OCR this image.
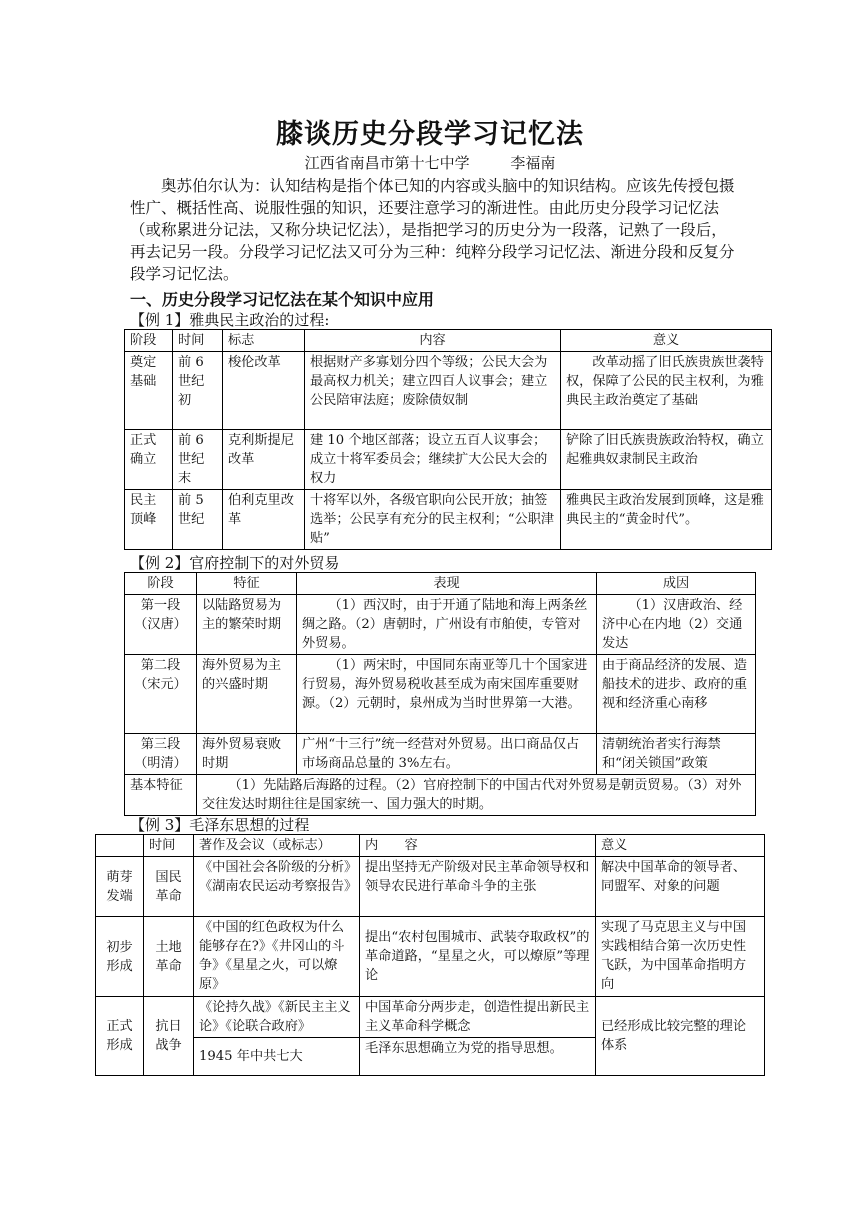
膝谈历史分段学习记忆法
江西省南昌市第十七中学	李福南
奥苏伯尔认为：认知结构是指个体已知的内容或头脑中的知识结构。应该先传授包摄性广、概括性高、说服性强的知识，还要注意学习的渐进性。由此历史分段学习记忆法（或称累进分记法，又称分块记忆法），是指把学习的历史分为一段落，记熟了一段后，再去记另一段。分段学习记忆法又可分为三种：纯粹分段学习记忆法、渐进分段和反复分段学习记忆法。
一、历史分段学习记忆法在某个知识中应用
【例 1】雅典民主政治的过程:
阶段	时间	标志	内容	意义
奠定基础	前 6 世纪初	梭伦改革	根据财产多寡划分四个等级；公民大会为最高权力机关；建立四百人议事会；建立公民陪审法庭；废除债奴制	改革动摇了旧氏族贵族世袭特权，保障了公民的民主权利，为雅典民主政治奠定了基础
正式确立	前 6 世纪末	克利斯提尼改革	建 10 个地区部落；设立五百人议事会；成立十将军委员会；继续扩大公民大会的权力	铲除了旧氏族贵族政治特权，确立起雅典奴隶制民主政治
民主顶峰	前 5 世纪	伯利克里改革	十将军以外，各级官职向公民开放；抽签选举；公民享有充分的民主权利；“公职津贴”	雅典民主政治发展到顶峰，这是雅典民主的“黄金时代”。
【例 2】官府控制下的对外贸易
阶段	特征	表现	成因
第一段（汉唐）	以陆路贸易为主的繁荣时期	（1）西汉时，由于开通了陆地和海上两条丝绸之路。（2）唐朝时，广州设有市舶使，专管对外贸易。	（1）汉唐政治、经济中心在内地（2）交通发达
第二段（宋元）	海外贸易为主的兴盛时期	（1）两宋时，中国同东南亚等几十个国家进行贸易，海外贸易税收甚至成为南宋国库重要财源。（2）元朝时，泉州成为当时世界第一大港。	由于商品经济的发展、造船技术的进步、政府的重视和经济重心南移
第三段（明清）	海外贸易衰败时期	广州“十三行”统一经营对外贸易。出口商品仅占市场商品总量的 3%左右。	清朝统治者实行海禁和“闭关锁国”政策
基本特征	（1）先陆路后海路的过程。（2）官府控制下的中国古代对外贸易是朝贡贸易。（3）对外交往发达时期往往是国家统一、国力强大的时期。		
【例 3】毛泽东思想的过程
	时间	著作及会议（或标志）	内　　容	意义
萌芽发端	国民革命	《中国社会各阶级的分析》《湖南农民运动考察报告》	提出坚持无产阶级对民主革命领导权和领导农民进行革命斗争的主张	解决中国革命的领导者、同盟军、对象的问题
初步形成	土地革命	《中国的红色政权为什么能够存在?》《井冈山的斗争》《星星之火，可以燎原》	提出“农村包围城市、武装夺取政权”的革命道路，“星星之火，可以燎原”等理论	实现了马克思主义与中国实践相结合第一次历史性飞跃，为中国革命指明方向
正式形成	抗日战争	《论持久战》《新民主主义论》《论联合政府》	中国革命分两步走，创造性提出新民主主义革命科学概念	已经形成比较完整的理论体系
		1945 年中共七大	毛泽东思想确立为党的指导思想。	
